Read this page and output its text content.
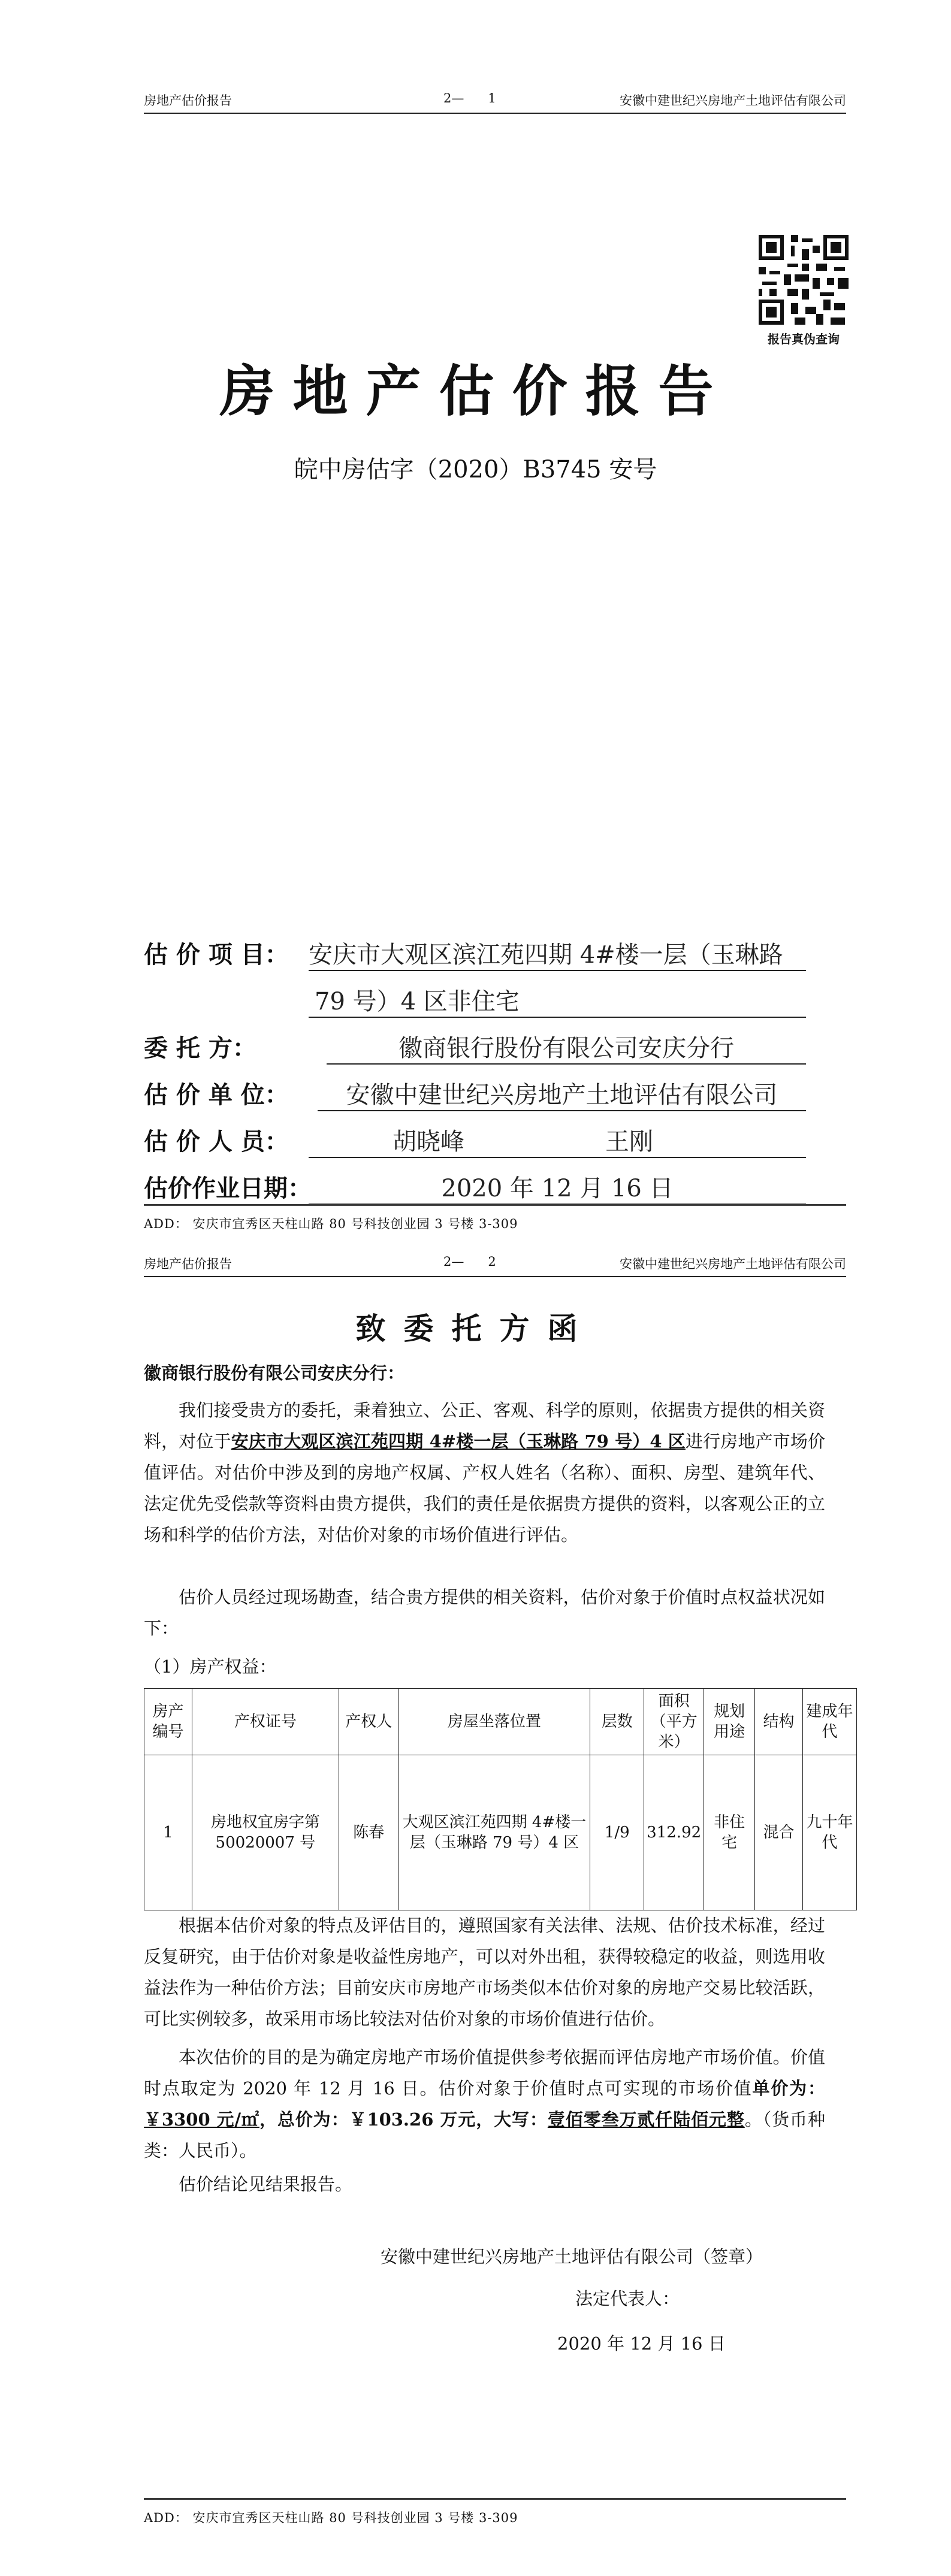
房地产估价报告	2—      1	安徽中建世纪兴房地产土地评估有限公司
报告真伪查询
房地产估价报告
皖中房估字（2020）B3745 安号
估 价 项 目： 安庆市大观区滨江苑四期 4#楼一层（玉琳路
79 号）4 区非住宅
委 托 方：	徽商银行股份有限公司安庆分行
估 价 单 位：	安徽中建世纪兴房地产土地评估有限公司
估 价 人 员：	胡晓峰	王刚
估价作业日期：	2020 年 12 月 16 日
ADD： 安庆市宜秀区天柱山路 80 号科技创业园 3 号楼 3-309
房地产估价报告	2—      2	安徽中建世纪兴房地产土地评估有限公司
致委托方函
徽商银行股份有限公司安庆分行：
我们接受贵方的委托，秉着独立、公正、客观、科学的原则，依据贵方提供的相关资料，对位于安庆市大观区滨江苑四期 4#楼一层（玉琳路 79 号）4 区进行房地产市场价值评估。对估价中涉及到的房地产权属、产权人姓名（名称）、面积、房型、建筑年代、法定优先受偿款等资料由贵方提供，我们的责任是依据贵方提供的资料，以客观公正的立场和科学的估价方法，对估价对象的市场价值进行评估。
估价人员经过现场勘查，结合贵方提供的相关资料，估价对象于价值时点权益状况如下：
（1）房产权益：
房产编号	产权证号	产权人	房屋坐落位置	层数	面积（平方米）	规划用途	结构	建成年代
1	房地权宜房字第 50020007 号	陈春	大观区滨江苑四期 4#楼一层（玉琳路 79 号）4 区	1/9	312.92	非住宅	混合	九十年代
根据本估价对象的特点及评估目的，遵照国家有关法律、法规、估价技术标准，经过反复研究，由于估价对象是收益性房地产，可以对外出租，获得较稳定的收益，则选用收益法作为一种估价方法；目前安庆市房地产市场类似本估价对象的房地产交易比较活跃，可比实例较多，故采用市场比较法对估价对象的市场价值进行估价。
本次估价的目的是为确定房地产市场价值提供参考依据而评估房地产市场价值。价值时点取定为 2020 年 12 月 16 日。估价对象于价值时点可实现的市场价值单价为：￥3300 元/㎡，总价为：￥103.26 万元，大写：壹佰零叁万贰仟陆佰元整。（货币种类：人民币）。
估价结论见结果报告。
安徽中建世纪兴房地产土地评估有限公司（签章）
法定代表人：
2020 年 12 月 16 日
ADD： 安庆市宜秀区天柱山路 80 号科技创业园 3 号楼 3-309
